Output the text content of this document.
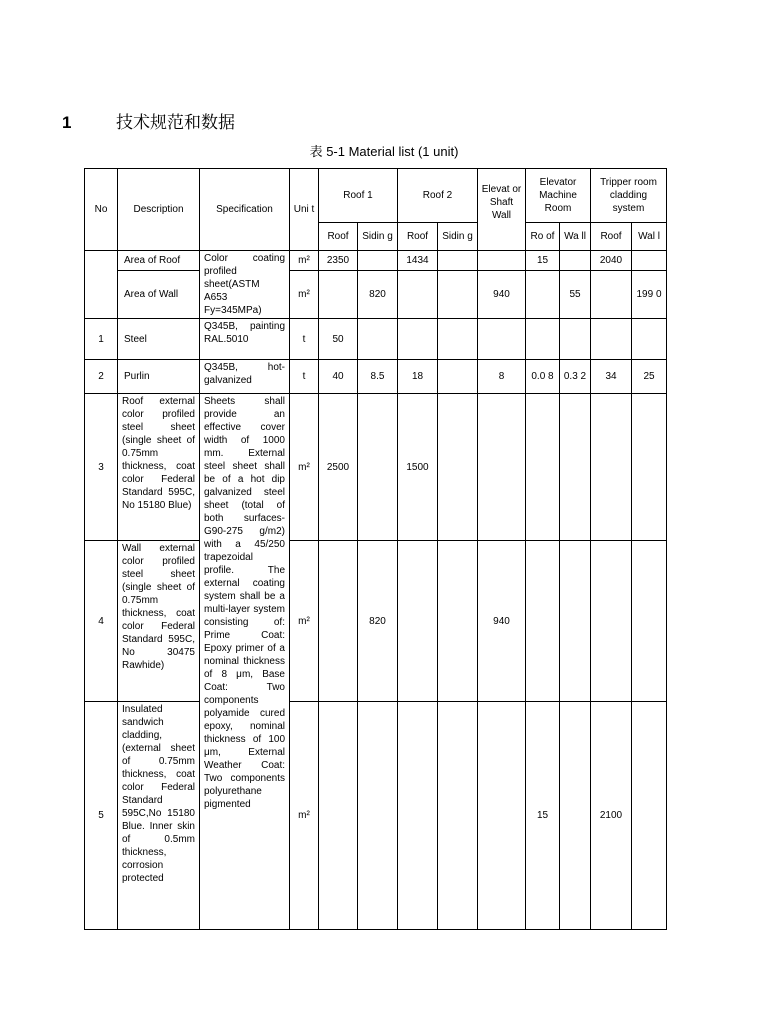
1	技术规范和数据
表 5-1 Material list (1 unit)
No	Description	Specification	Uni t	Roof 1		Roof 2		Elevat or Shaft Wall	Elevator Machine Room		Tripper room cladding system	
				Roof	Sidin g	Roof	Sidin g		Ro of	Wa ll	Roof	Wal l
	Area of Roof	Color coating profiled sheet(ASTM A653 Fy=345MPa)	m²	2350		1434			15		2040	
	Area of Wall		m²		820			940		55		199 0
1	Steel	Q345B, painting RAL.5010	t	50								
2	Purlin	Q345B, hot-galvanized	t	40	8.5	18		8	0.0 8	0.3 2	34	25
3	Roof external color profiled steel sheet (single sheet of 0.75mm thickness, coat color Federal Standard 595C, No 15180 Blue)	Sheets shall provide an effective cover width of 1000 mm. External steel sheet shall be of a hot dip galvanized steel sheet (total of both surfaces-G90-275 g/m2) with a 45/250 trapezoidal profile. The external coating system shall be a multi-layer system consisting of: Prime Coat: Epoxy primer of a nominal thickness of 8 μm, Base Coat: Two components polyamide cured epoxy, nominal thickness of 100 μm, External Weather Coat: Two components polyurethane pigmented	m²	2500		1500						
4	Wall external color profiled steel sheet (single sheet of 0.75mm thickness, coat color Federal Standard 595C, No 30475 Rawhide)		m²		820			940				
5	Insulated sandwich cladding, (external sheet of 0.75mm thickness, coat color Federal Standard 595C,No 15180 Blue. Inner skin of 0.5mm thickness, corrosion protected		m²						15		2100	
